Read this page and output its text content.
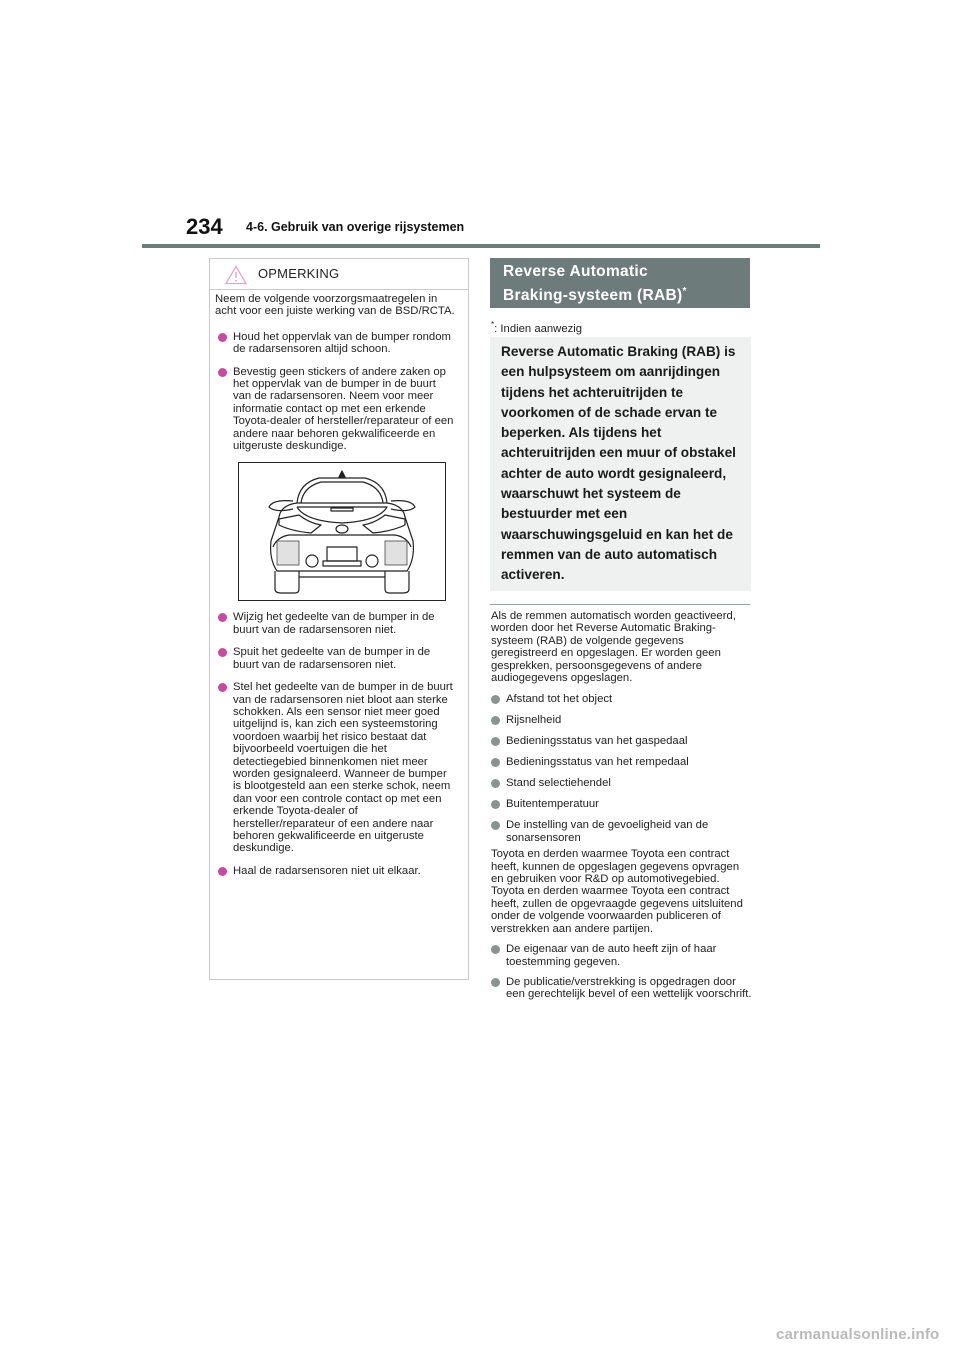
234 4-6. Gebruik van overige rijsystemen
OPMERKING

Neem de volgende voorzorgsmaatregelen in acht voor een juiste werking van de BSD/RCTA.

Houd het oppervlak van de bumper rondom de radarsensoren altijd schoon.
Bevestig geen stickers of andere zaken op het oppervlak van de bumper in de buurt van de radarsensoren. Neem voor meer informatie contact op met een erkende Toyota-dealer of hersteller/reparateur of een andere naar behoren gekwalificeerde en uitgeruste deskundige.
Wijzig het gedeelte van de bumper in de buurt van de radarsensoren niet.
Spuit het gedeelte van de bumper in de buurt van de radarsensoren niet.
Stel het gedeelte van de bumper in de buurt van de radarsensoren niet bloot aan sterke schokken. Als een sensor niet meer goed uitgelijnd is, kan zich een systeemstoring voordoen waarbij het risico bestaat dat bijvoorbeeld voertuigen die het detectiegebied binnenkomen niet meer worden gesignaleerd. Wanneer de bumper is blootgesteld aan een sterke schok, neem dan voor een controle contact op met een erkende Toyota-dealer of hersteller/reparateur of een andere naar behoren gekwalificeerde en uitgeruste deskundige.
Haal de radarsensoren niet uit elkaar.
Reverse Automatic
Braking-systeem (RAB)*
*: Indien aanwezig
Reverse Automatic Braking (RAB) is een hulpsysteem om aanrijdingen tijdens het achteruitrijden te voorkomen of de schade ervan te beperken. Als tijdens het achteruitrijden een muur of obstakel achter de auto wordt gesignaleerd, waarschuwt het systeem de bestuurder met een waarschuwingsgeluid en kan het de remmen van de auto automatisch activeren.

Als de remmen automatisch worden geactiveerd, worden door het Reverse Automatic Braking-systeem (RAB) de volgende gegevens geregistreerd en opgeslagen. Er worden geen gesprekken, persoonsgegevens of andere audiogegevens opgeslagen.

Afstand tot het object
Rijsnelheid
Bedieningsstatus van het gaspedaal
Bedieningsstatus van het rempedaal
Stand selectiehendel
Buitentemperatuur
De instelling van de gevoeligheid van de sonarsensoren

Toyota en derden waarmee Toyota een contract heeft, kunnen de opgeslagen gegevens opvragen en gebruiken voor R&D op automotivegebied. Toyota en derden waarmee Toyota een contract heeft, zullen de opgevraagde gegevens uitsluitend onder de volgende voorwaarden publiceren of verstrekken aan andere partijen.

De eigenaar van de auto heeft zijn of haar toestemming gegeven.
De publicatie/verstrekking is opgedragen door een gerechtelijk bevel of een wettelijk voorschrift.
carmanualsonline.info
